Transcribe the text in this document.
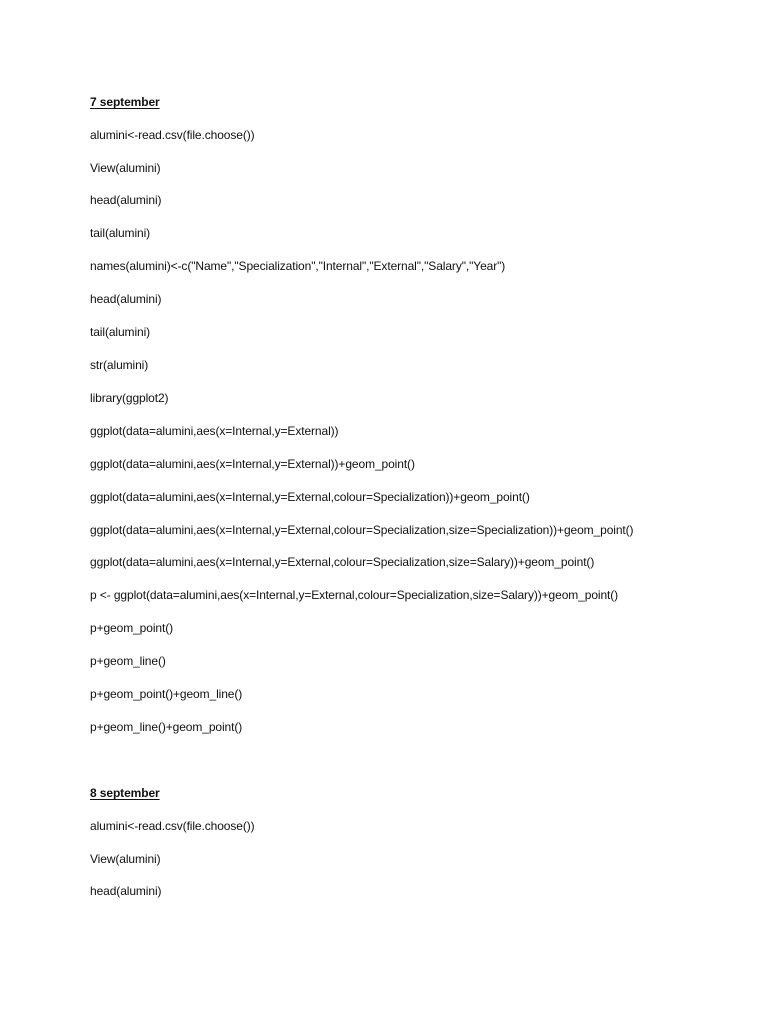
7 september
alumini<-read.csv(file.choose())
View(alumini)
head(alumini)
tail(alumini)
names(alumini)<-c("Name","Specialization","Internal","External","Salary","Year")
head(alumini)
tail(alumini)
str(alumini)
library(ggplot2)
ggplot(data=alumini,aes(x=Internal,y=External))
ggplot(data=alumini,aes(x=Internal,y=External))+geom_point()
ggplot(data=alumini,aes(x=Internal,y=External,colour=Specialization))+geom_point()
ggplot(data=alumini,aes(x=Internal,y=External,colour=Specialization,size=Specialization))+geom_point()
ggplot(data=alumini,aes(x=Internal,y=External,colour=Specialization,size=Salary))+geom_point()
p <- ggplot(data=alumini,aes(x=Internal,y=External,colour=Specialization,size=Salary))+geom_point()
p+geom_point()
p+geom_line()
p+geom_point()+geom_line()
p+geom_line()+geom_point()
8 september
alumini<-read.csv(file.choose())
View(alumini)
head(alumini)
